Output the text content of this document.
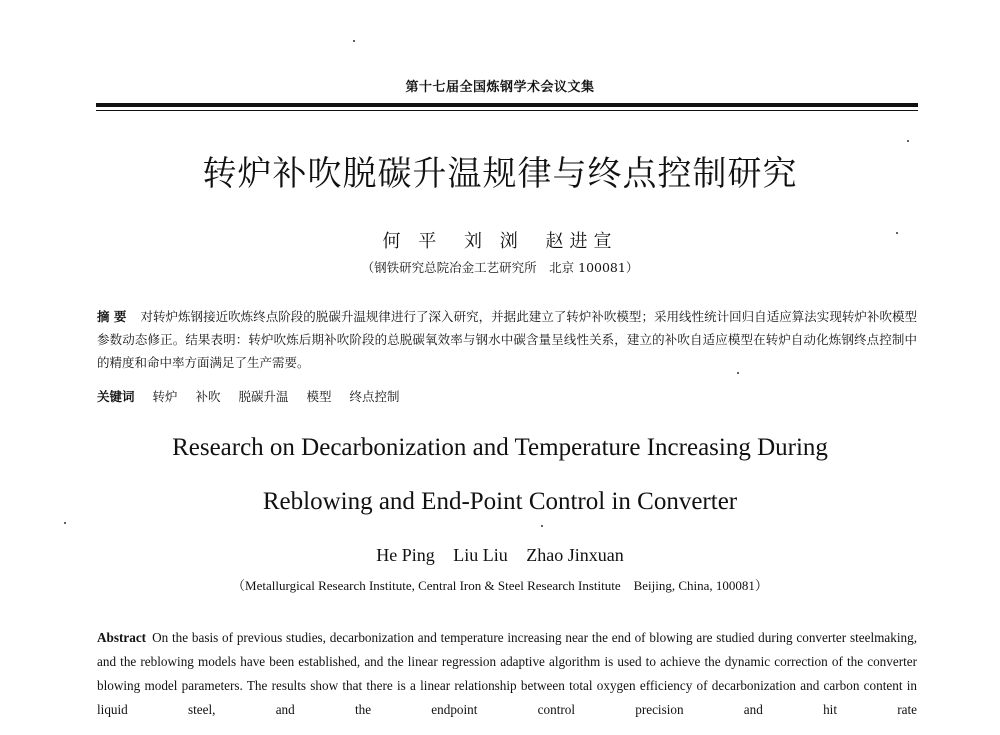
第十七届全国炼钢学术会议文集
转炉补吹脱碳升温规律与终点控制研究
何 平 刘 浏 赵进宣
（钢铁研究总院冶金工艺研究所　北京 100081）
摘 要 对转炉炼钢接近吹炼终点阶段的脱碳升温规律进行了深入研究，并据此建立了转炉补吹模型；采用线性统计回归自适应算法实现转炉补吹模型参数动态修正。结果表明：转炉吹炼后期补吹阶段的总脱碳氧效率与钢水中碳含量呈线性关系，建立的补吹自适应模型在转炉自动化炼钢终点控制中的精度和命中率方面满足了生产需要。
关键词 转炉 补吹 脱碳升温 模型 终点控制
Research on Decarbonization and Temperature Increasing During
Reblowing and End-Point Control in Converter
He Ping Liu Liu Zhao Jinxuan
（Metallurgical Research Institute, Central Iron & Steel Research Institute　Beijing, China, 100081）
Abstract On the basis of previous studies, decarbonization and temperature increasing near the end of blowing are studied during converter steelmaking, and the reblowing models have been established, and the linear regression adaptive algorithm is used to achieve the dynamic correction of the converter blowing model parameters. The results show that there is a linear relationship between total oxygen efficiency of decarbonization and carbon content in liquid steel, and the endpoint control precision and hit rate
